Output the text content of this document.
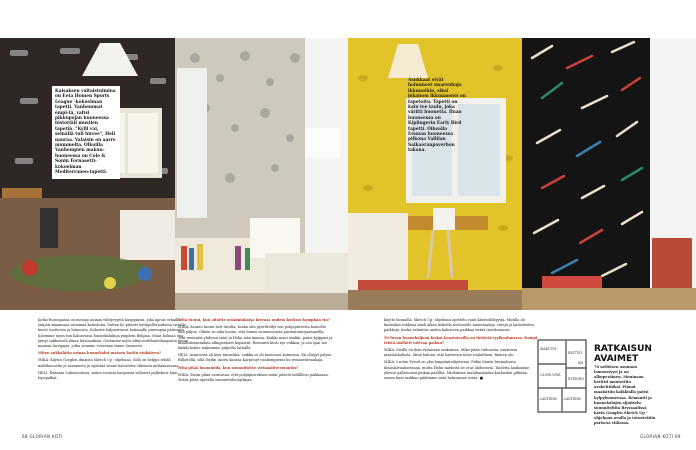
Kaisaksen valtaistuimina on Eeta Homen Sports League -kokoelman tapetti. Vanhemmat empi-tä, valtsi pikkupojan huoneessa historiäll mustien tapetin. "Kylli vai, seinällä tuli hirree", Heli nauraa. Valaisin on aarre mummolta. Olkoilla Vanhempien makuuhuoneessa on Cole & Sonin Fornasetti-kokoelman Mediterraneo-tapetti.
Asukkaat eivät halunneet sisarenhajo ikkunoihin, siksi jokainen ikkunaosioi on tapetoitu. Tapetti on kaiu tee taulu, joka väritti huonetta. Ilnan huoneessa on Kipfingerin Early Bird tapetti. Oikealla Eeunan huoneessa pilkona Vallilan Saikaoranpaverhon takana.

Keski-Euroopassa on menoja aniaan viihtyvyyttä kauppiasta, joka ajavat erkailla ympäri maanosaa esitamaa kalustoita. Siitten he pitävät nettigallerioidessa sivuille kuvat tuotteista ja hinnoista. Kalustot halpuuttavat kotimaille parempaa pärinnäsi. Kävimme myös tiin haluavassa huonekalukuja ympärin Belgiaa. Muut kolinaa etsi jäinyt sakkoeistä ilman huvinaaksia. Outtanme myös eBay-nettihuutokaupasta muun muassa lavogajaa, jotka suimme vuorenan tänne Suomeen.

Miten sukkahitto osinaa huonekalut matoen kotiin etukäteen?

MIKA: Käytin Googlen ilmaista Sketch Up -ohjelmaa. Sillä on helppo tehdä mallihuoneita ja asennusta ja sijoittaa siinne kalusteita oikeassa mittakaavassa.

HELI: Enkanni Lukonanturia, miten sovasta kaupoista sollaiset palkekoot kuin lopopalkat.

Mitä tuotui, kun aitoitte ostaiminkaisa kerrasa uudess kotiisse kymphan rin?

MIKA: Asunto tuntui heti tutulta, koska olin pyörittellyt sen pohjapiirrosta koneella niin paljon. Olkein se aika huono, että hanen suunnosvasta pärmatuntoparannella. Teki remontin yhdessä isäni ja Helin isän kanssa. Kaikki muut asukki, paitsi kylppäri ja maskusbasenidoin alkuperäiset kupsatiit. Remontti kesti nyt viikkoa, ja sen ajan me kaikki kolme nukuimme patjoilla lattialla.

HELI: Asuntossa oli kiva tunnelma, vaikka se oli huonossa kunnossa. En olisijyt paljon Billoitellä, sillä löydin lasten kanssa Karpissyt vanhempiensi hu remonttierankaja.

Mitä pitää huomioida, kun suunnittelee virtuaalitreemontin?

MIKA: Ensin pitää varmistaa, että pohjapiirroksen mitat pitävät millilleen paikkansa. Sitten pitää opetella suunnitteluohjelman

käyttö kunnolla. Sketch Up -ohjelman opettelu vaati kärsivällisyyttä. Mutilla oli kuitenkin rohkeaa mieli alkaa kokeilla tiedostolle materiaaleja, värejä ja kalusteiden paikkoja, koska valmiista uuden kalusteen paikkaa tietää tietokomasta.

50-luvun huonekaljuon foskat koostaivoilla on tietävää tyylkaohmassa. Kumpi teistä mallatti tulevan paikan?

MIKA: Meillä on ihan erilaiseen makumaa. Mika pitää valtonista, rankoista maalaiskalusta. Minä haluan, että kaiteessa tulee raalutlinen, fininen olo.

MIKA: Luclan Freud on yksi lempitaiteilijoistani. Pidän hänen brutaaleista ihmiskuvauksestaan, mutta Helin mielestä ne ovat ahdistavia. Taidetta hankimme yhessä gallerioista paikan päällltä. Mieltimme taaluhankintaa kurkuskin pitkään, ennen kuin tarkkan päätimme mitä halusimme ostaa. ■

MAKUUH.
KEITTIÖ
OLOHUONE
LASTENH. LASTENH.
ETEINEN
KH
RATKAISUN
AVAIMET
78 neliöisen asunnon lomoustyyri ja on alkuperäinen. Muuinaan kerittii muutettiin avokeittiöksi. Pinnat maalattiin kaikkialla paitsi kylpyhuoneessa. Remontti ja huonekalujen sijoittelu suunniteltiin Bryssanlissä kävin Googlen Sketch Up -ohjelman avulla ja toteutettiin pariscsa viikossa.
68 GLORIAN KOTI	GLORIAN KOTI 69
